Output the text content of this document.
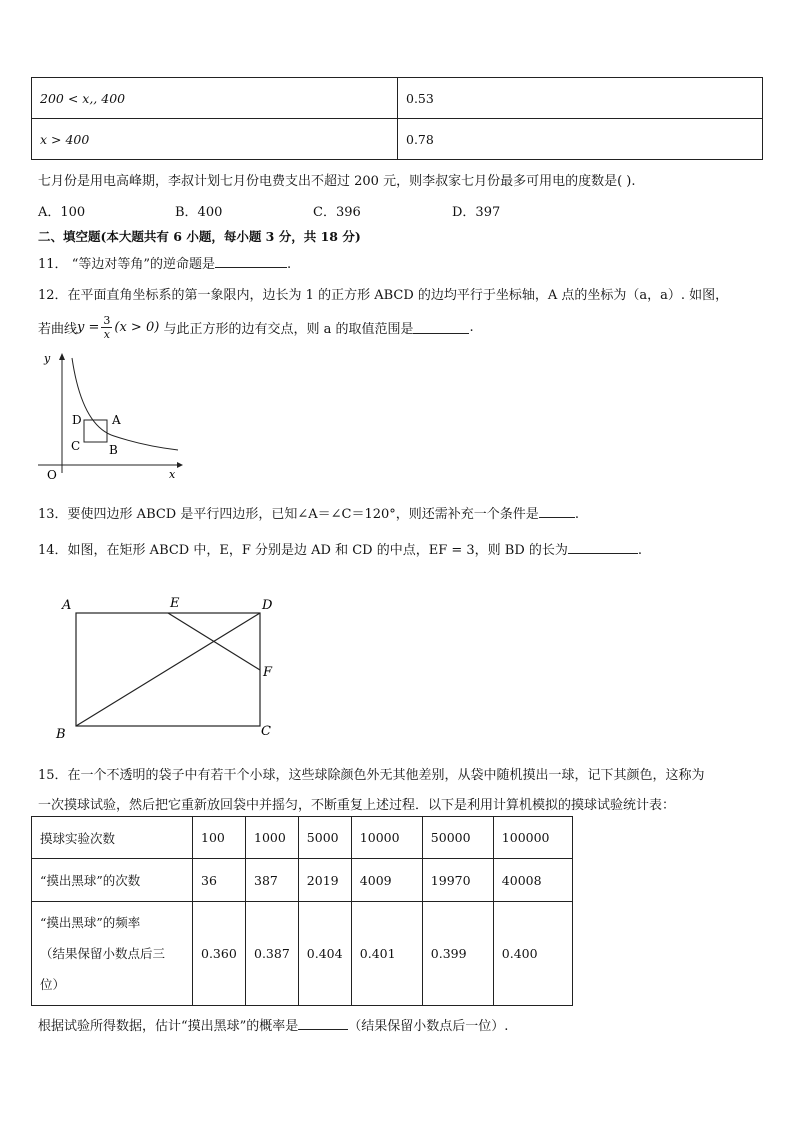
200 < x,, 400	0.53
x > 400	0.78
七月份是用电高峰期，李叔计划七月份电费支出不超过 200 元，则李叔家七月份最多可用电的度数是( ).
A．100	B．400	C．396	D．397
二、填空题(本大题共有 6 小题，每小题 3 分，共 18 分)
11． “等边对等角”的逆命题是	.
12．在平面直角坐标系的第一象限内，边长为 1 的正方形 ABCD 的边均平行于坐标轴，A 点的坐标为（a，a）. 如图，
若曲线 $y = \frac{3}{x} (x > 0)$
与此正方形的边有交点，则 a 的取值范围是	.
y
x
O
A
B
C
D
13．要使四边形 ABCD 是平行四边形，已知∠A＝∠C＝120°，则还需补充一个条件是	.
14．如图，在矩形 ABCD 中，E，F 分别是边 AD 和 CD 的中点，EF = 3，则 BD 的长为	.
A	E	D
F
B	C
15．在一个不透明的袋子中有若干个小球，这些球除颜色外无其他差别，从袋中随机摸出一球，记下其颜色，这称为
一次摸球试验，然后把它重新放回袋中并摇匀，不断重复上述过程．以下是利用计算机模拟的摸球试验统计表：
摸球实验次数	100	1000	5000	10000	50000	100000
“摸出黑球”的次数	36	387	2019	4009	19970	40008

“摸出黑球”的频率
（结果保留小数点后三
位）	0.360	0.387	0.404	0.401	0.399	0.400
根据试验所得数据，估计“摸出黑球”的概率是	（结果保留小数点后一位）.
